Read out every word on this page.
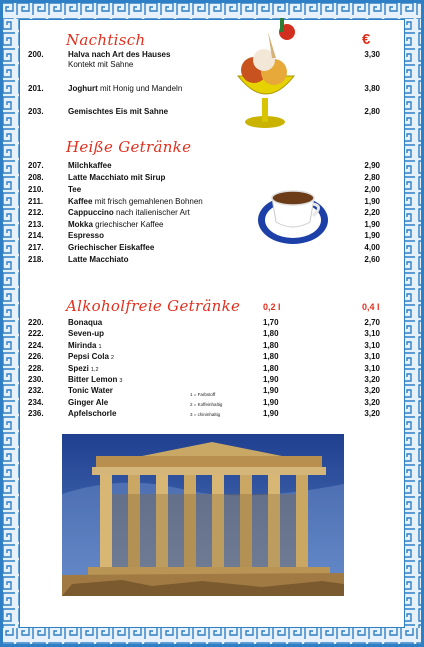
Nachtisch	€
200.	Halva nach Art des Hauses	3,30
Kontekt mit Sahne
201.	Joghurt mit Honig und Mandeln	3,80
203.	Gemischtes Eis mit Sahne	2,80
Heiße Getränke
207.	Milchkaffee	2,90
208.	Latte Macchiato mit Sirup	2,80
210.	Tee	2,00
211.	Kaffee mit frisch gemahlenen Bohnen	1,90
212.	Cappuccino nach italienischer Art	2,20
213.	Mokka griechischer Kaffee	1,90
214.	Espresso	1,90
217.	Griechischer Eiskaffee	4,00
218.	Latte Macchiato	2,60
Alkoholfreie Getränke	0,2 l	0,4 l
220.	Bonaqua	1,70	2,70
222.	Seven-up	1,80	3,10
224.	Mirinda 1	1,80	3,10
226.	Pepsi Cola 2	1,80	3,10
228.	Spezi 1,2	1,80	3,10
230.	Bitter Lemon 3	1,90	3,20
232.	Tonic Water	1,90	3,20
234.	Ginger Ale	1,90	3,20
236.	Apfelschorle	1,90	3,20
1 = Farbstoff
2 = Koffeinhaltig
3 = chininhaltig
